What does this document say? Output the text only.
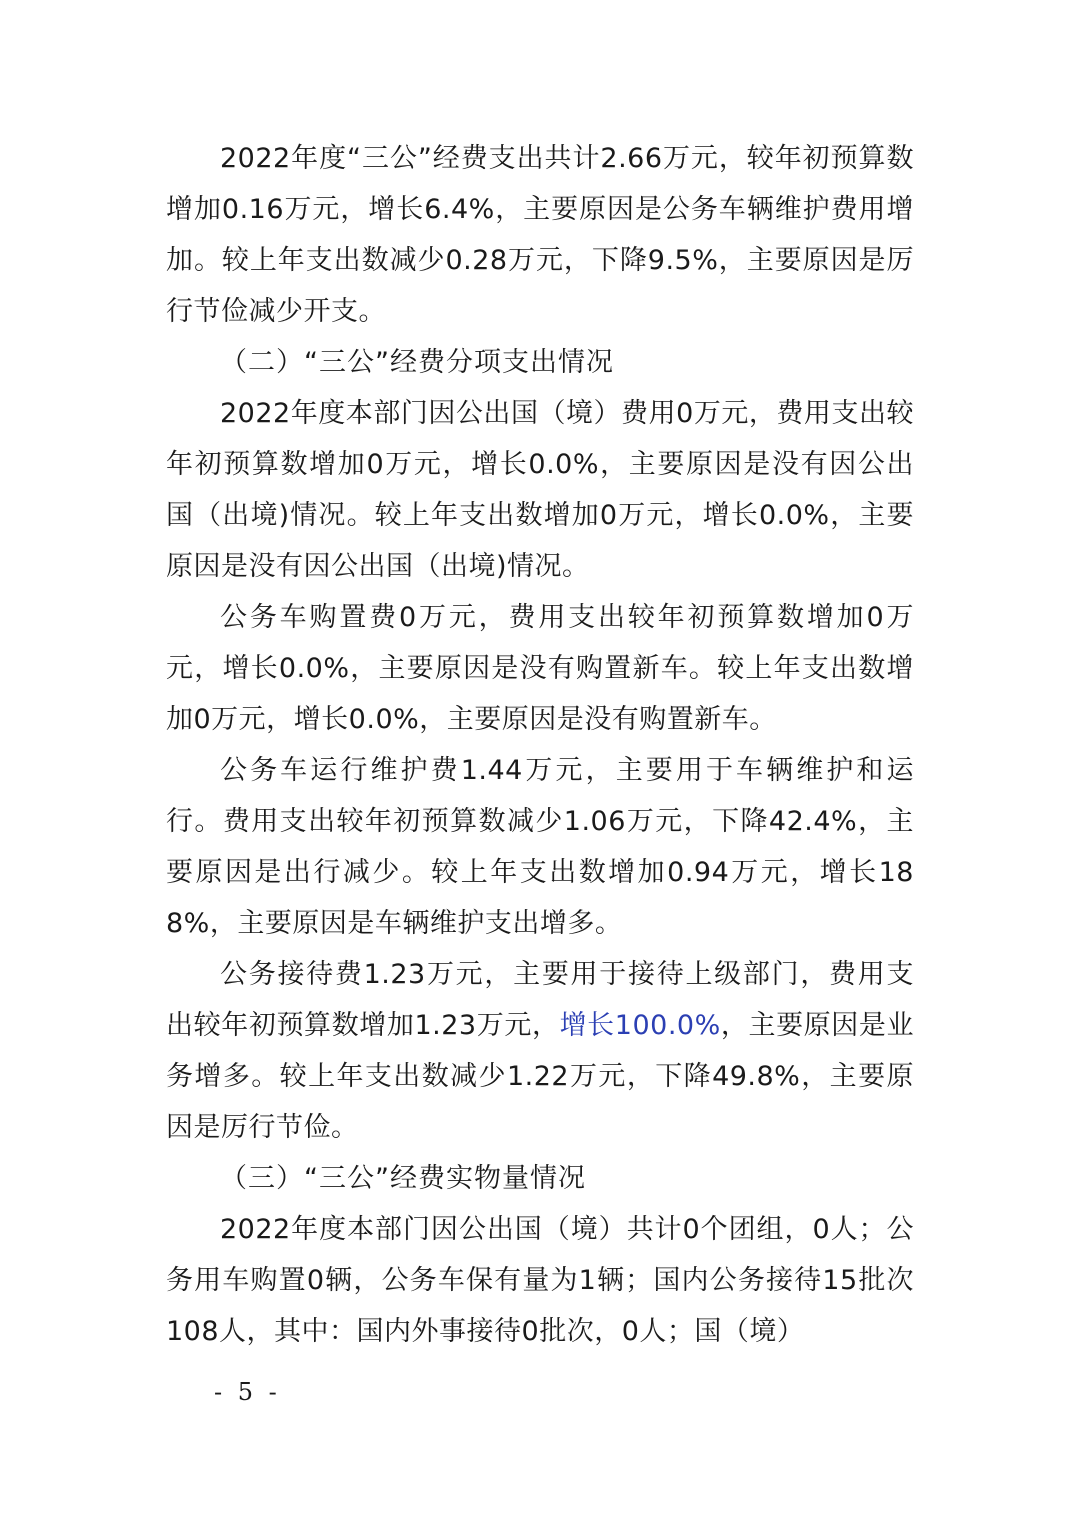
2022年度“三公”经费支出共计2.66万元，较年初预算数增加0.16万元，增长6.4%，主要原因是公务车辆维护费用增加。较上年支出数减少0.28万元，下降9.5%，主要原因是厉行节俭减少开支。

（二）“三公”经费分项支出情况

2022年度本部门因公出国（境）费用0万元，费用支出较年初预算数增加0万元，增长0.0%，主要原因是没有因公出国（出境)情况。较上年支出数增加0万元，增长0.0%，主要原因是没有因公出国（出境)情况。

公务车购置费0万元，费用支出较年初预算数增加0万元，增长0.0%，主要原因是没有购置新车。较上年支出数增加0万元，增长0.0%，主要原因是没有购置新车。

公务车运行维护费1.44万元，主要用于车辆维护和运行。费用支出较年初预算数减少1.06万元，下降42.4%，主要原因是出行减少。较上年支出数增加0.94万元，增长188%，主要原因是车辆维护支出增多。

公务接待费1.23万元，主要用于接待上级部门，费用支出较年初预算数增加1.23万元，增长100.0%，主要原因是业务增多。较上年支出数减少1.22万元，下降49.8%，主要原因是厉行节俭。

（三）“三公”经费实物量情况

2022年度本部门因公出国（境）共计0个团组，0人；公务用车购置0辆，公务车保有量为1辆；国内公务接待15批次108人，其中：国内外事接待0批次，0人；国（境）

- 5 -
